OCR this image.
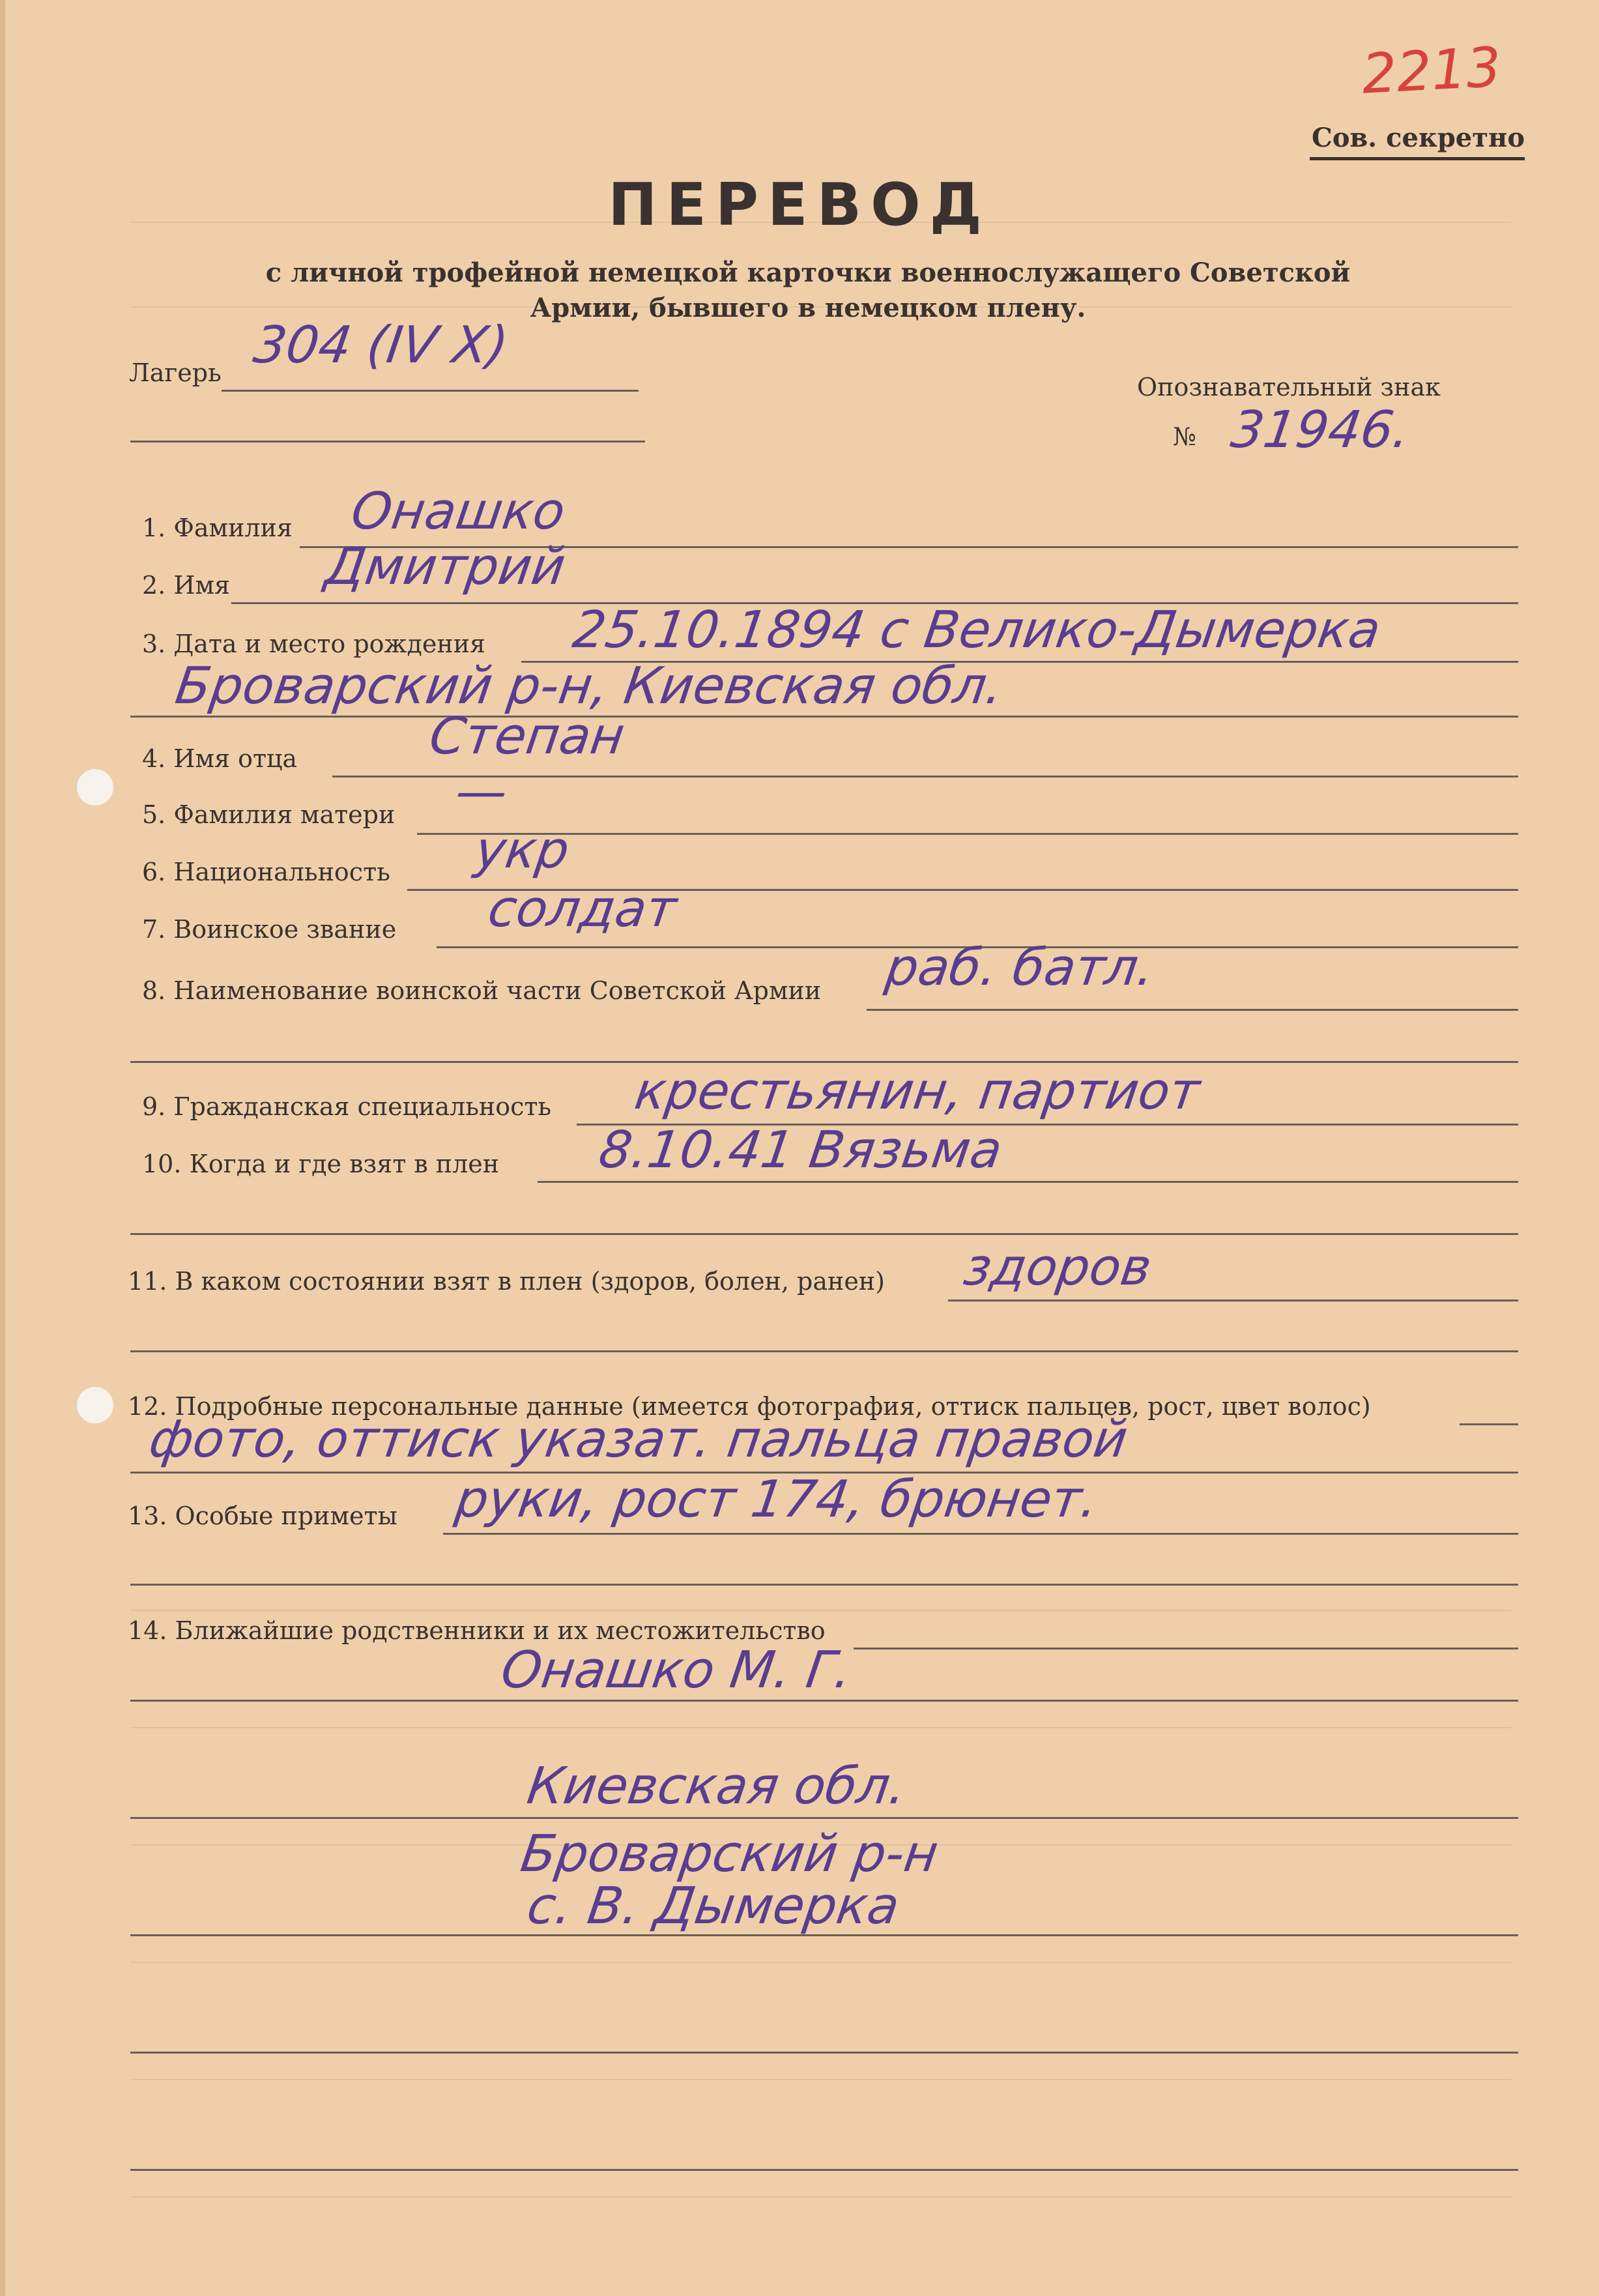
2213
Сов. секретно
ПЕРЕВОД
с личной трофейной немецкой карточки военнослужащего Советской Армии, бывшего в немецком плену.
Лагерь 304 (IV X)
Опознавательный знак
№ 31946.
1. Фамилия Онашко
2. Имя Дмитрий
3. Дата и место рождения 25.10.1894 с Велико-Дымерка
Броварский р-н, Киевская обл.
4. Имя отца	Степан
5. Фамилия матери —
6. Национальность укр
7. Воинское звание солдат
8. Наименование воинской части Советской Армии раб. батл.
9. Гражданская специальность крестьянин, партиот
10. Когда и где взят в плен 8.10.41 Вязьма
11. В каком состоянии взят в плен (здоров, болен, ранен) здоров
12. Подробные персональные данные (имеется фотография, оттиск пальцев, рост, цвет волос)
фото, оттиск указат. пальца правой
13. Особые приметы руки, рост 174, брюнет.
14. Ближайшие родственники и их местожительство
Онашко М. Г.
Киевская обл.
Броварский р-н
с. В. Дымерка
